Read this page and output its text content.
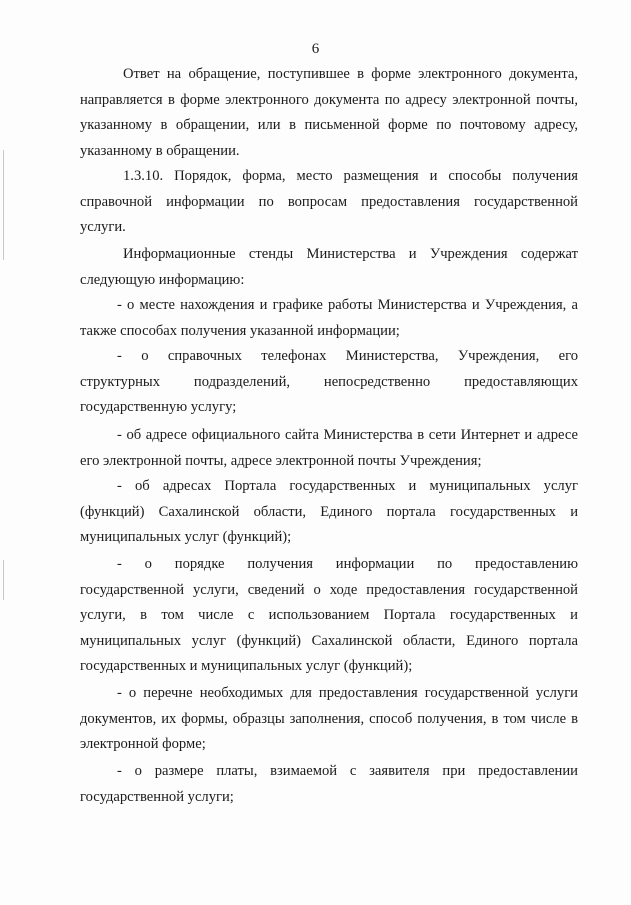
6
Ответ на обращение, поступившее в форме электронного документа,
направляется в форме электронного документа по адресу электронной почты,
указанному в обращении, или в письменной форме по почтовому адресу,
указанному в обращении.
1.3.10. Порядок, форма, место размещения и способы получения
справочной информации по вопросам предоставления государственной
услуги.
Информационные стенды Министерства и Учреждения содержат
следующую информацию:
- о месте нахождения и графике работы Министерства и Учреждения, а
также способах получения указанной информации;
- о справочных телефонах Министерства, Учреждения, его
структурных подразделений, непосредственно предоставляющих
государственную услугу;
- об адресе официального сайта Министерства в сети Интернет и адресе
его электронной почты, адресе электронной почты Учреждения;
- об адресах Портала государственных и муниципальных услуг
(функций) Сахалинской области, Единого портала государственных и
муниципальных услуг (функций);
- о порядке получения информации по предоставлению
государственной услуги, сведений о ходе предоставления государственной
услуги, в том числе с использованием Портала государственных и
муниципальных услуг (функций) Сахалинской области, Единого портала
государственных и муниципальных услуг (функций);
- о перечне необходимых для предоставления государственной услуги
документов, их формы, образцы заполнения, способ получения, в том числе в
электронной форме;
- о размере платы, взимаемой с заявителя при предоставлении
государственной услуги;
